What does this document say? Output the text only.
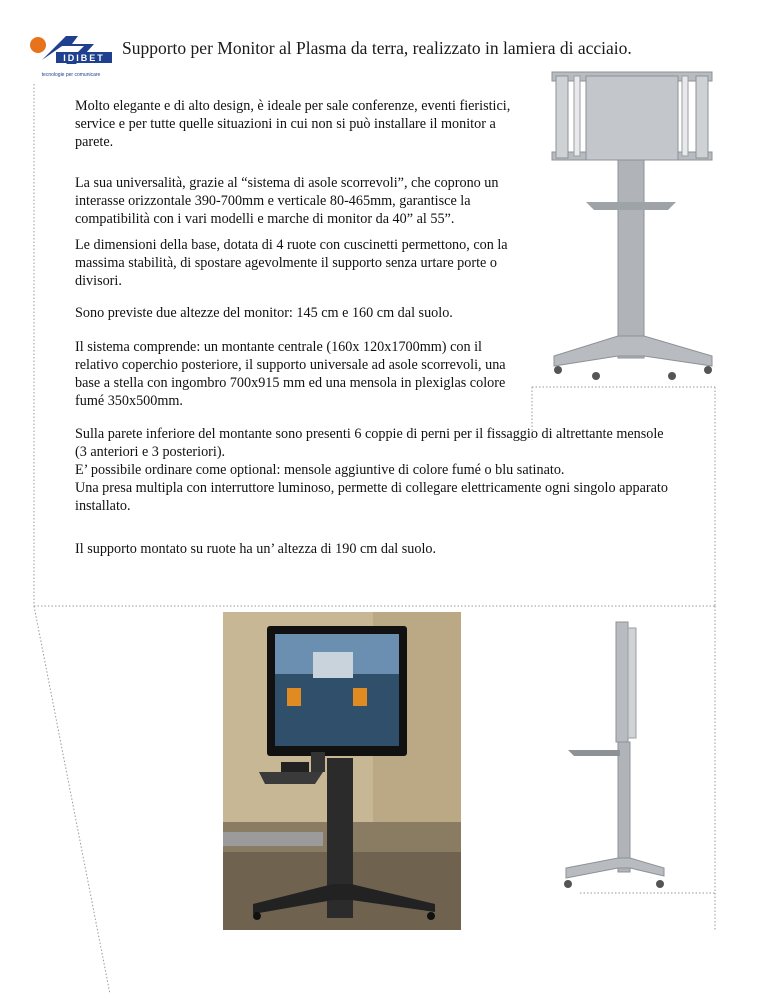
IDIBET
tecnologie per comunicare
Supporto per Monitor al Plasma da terra, realizzato in lamiera di acciaio.

Molto elegante e di alto design, è ideale per sale conferenze, eventi fieristici, service e per tutte quelle situazioni in cui non si può installare il monitor a parete.

La sua universalità, grazie al “sistema di asole scorrevoli”, che coprono un interasse orizzontale 390-700mm e verticale 80-465mm, garantisce la compatibilità con i vari modelli e marche di monitor da 40” al 55”.

Le dimensioni della base, dotata di 4 ruote con cuscinetti permettono, con la massima stabilità, di spostare agevolmente il supporto senza urtare porte o divisori.

Sono previste due altezze del monitor: 145 cm e 160 cm dal suolo.

Il sistema comprende: un montante centrale (160x 120x1700mm) con il relativo coperchio posteriore, il supporto universale ad asole scorrevoli, una base a stella con ingombro 700x915 mm ed una mensola in plexiglas colore fumé 350x500mm.

Sulla parete inferiore del montante sono presenti 6 coppie di perni per il fissaggio di altrettante mensole (3 anteriori e 3 posteriori).

E’ possibile ordinare come optional: mensole aggiuntive di colore fumé o blu satinato.

Una presa multipla con interruttore luminoso, permette di collegare elettricamente ogni singolo apparato installato.

Il supporto montato su ruote ha un’ altezza di 190 cm dal suolo.
